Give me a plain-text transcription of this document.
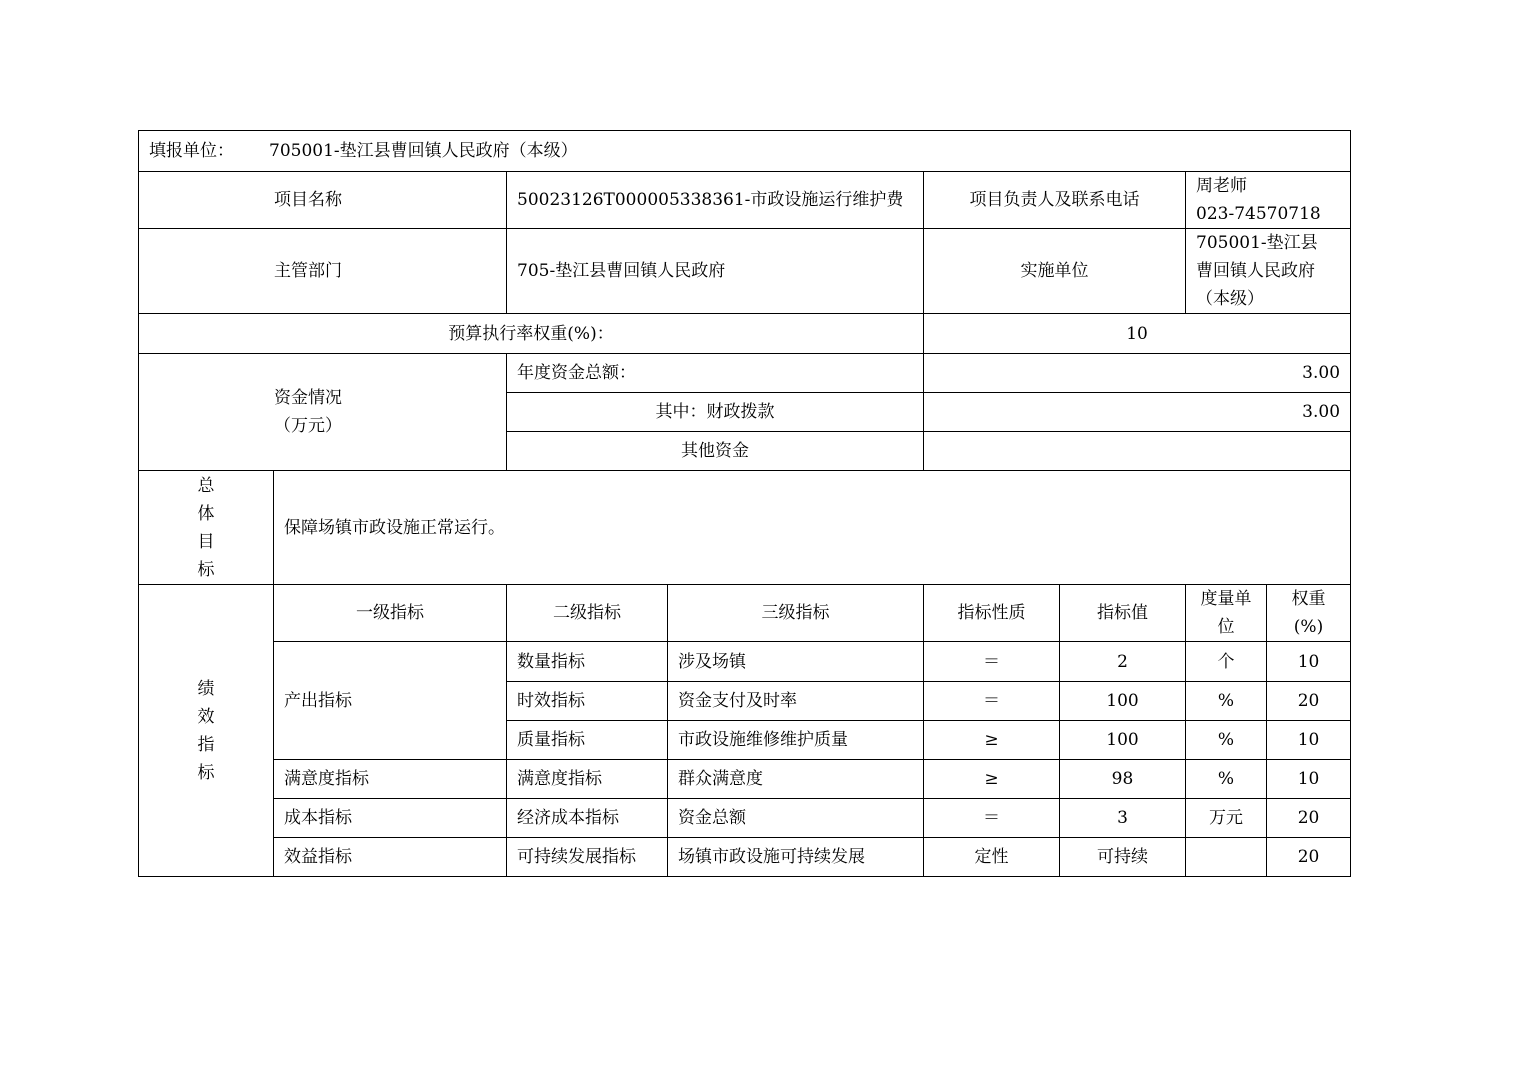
填报单位： 705001-垫江县曹回镇人民政府（本级）							
项目名称		50023126T000005338361-市政设施运行维护费		项目负责人及联系电话		周老师
023-74570718	

主管部门		705-垫江县曹回镇人民政府		实施单位		705001-垫江县
曹回镇人民政府
（本级）	

预算执行率权重(%)：				10			

资金情况
（万元）		年度资金总额：		3.00			
		其中：财政拨款		3.00			
		其他资金					

总
体
目
标	保障场镇市政设施正常运行。						

绩
效
指
标	一级指标	二级指标	三级指标	指标性质	指标值	度量单
位	权重
(%)

	产出指标	数量指标	涉及场镇	＝	2	个	10
		时效指标	资金支付及时率	＝	100	%	20
		质量指标	市政设施维修维护质量	≥	100	%	10
	满意度指标	满意度指标	群众满意度	≥	98	%	10
	成本指标	经济成本指标	资金总额	＝	3	万元	20
	效益指标	可持续发展指标	场镇市政设施可持续发展	定性	可持续		20
